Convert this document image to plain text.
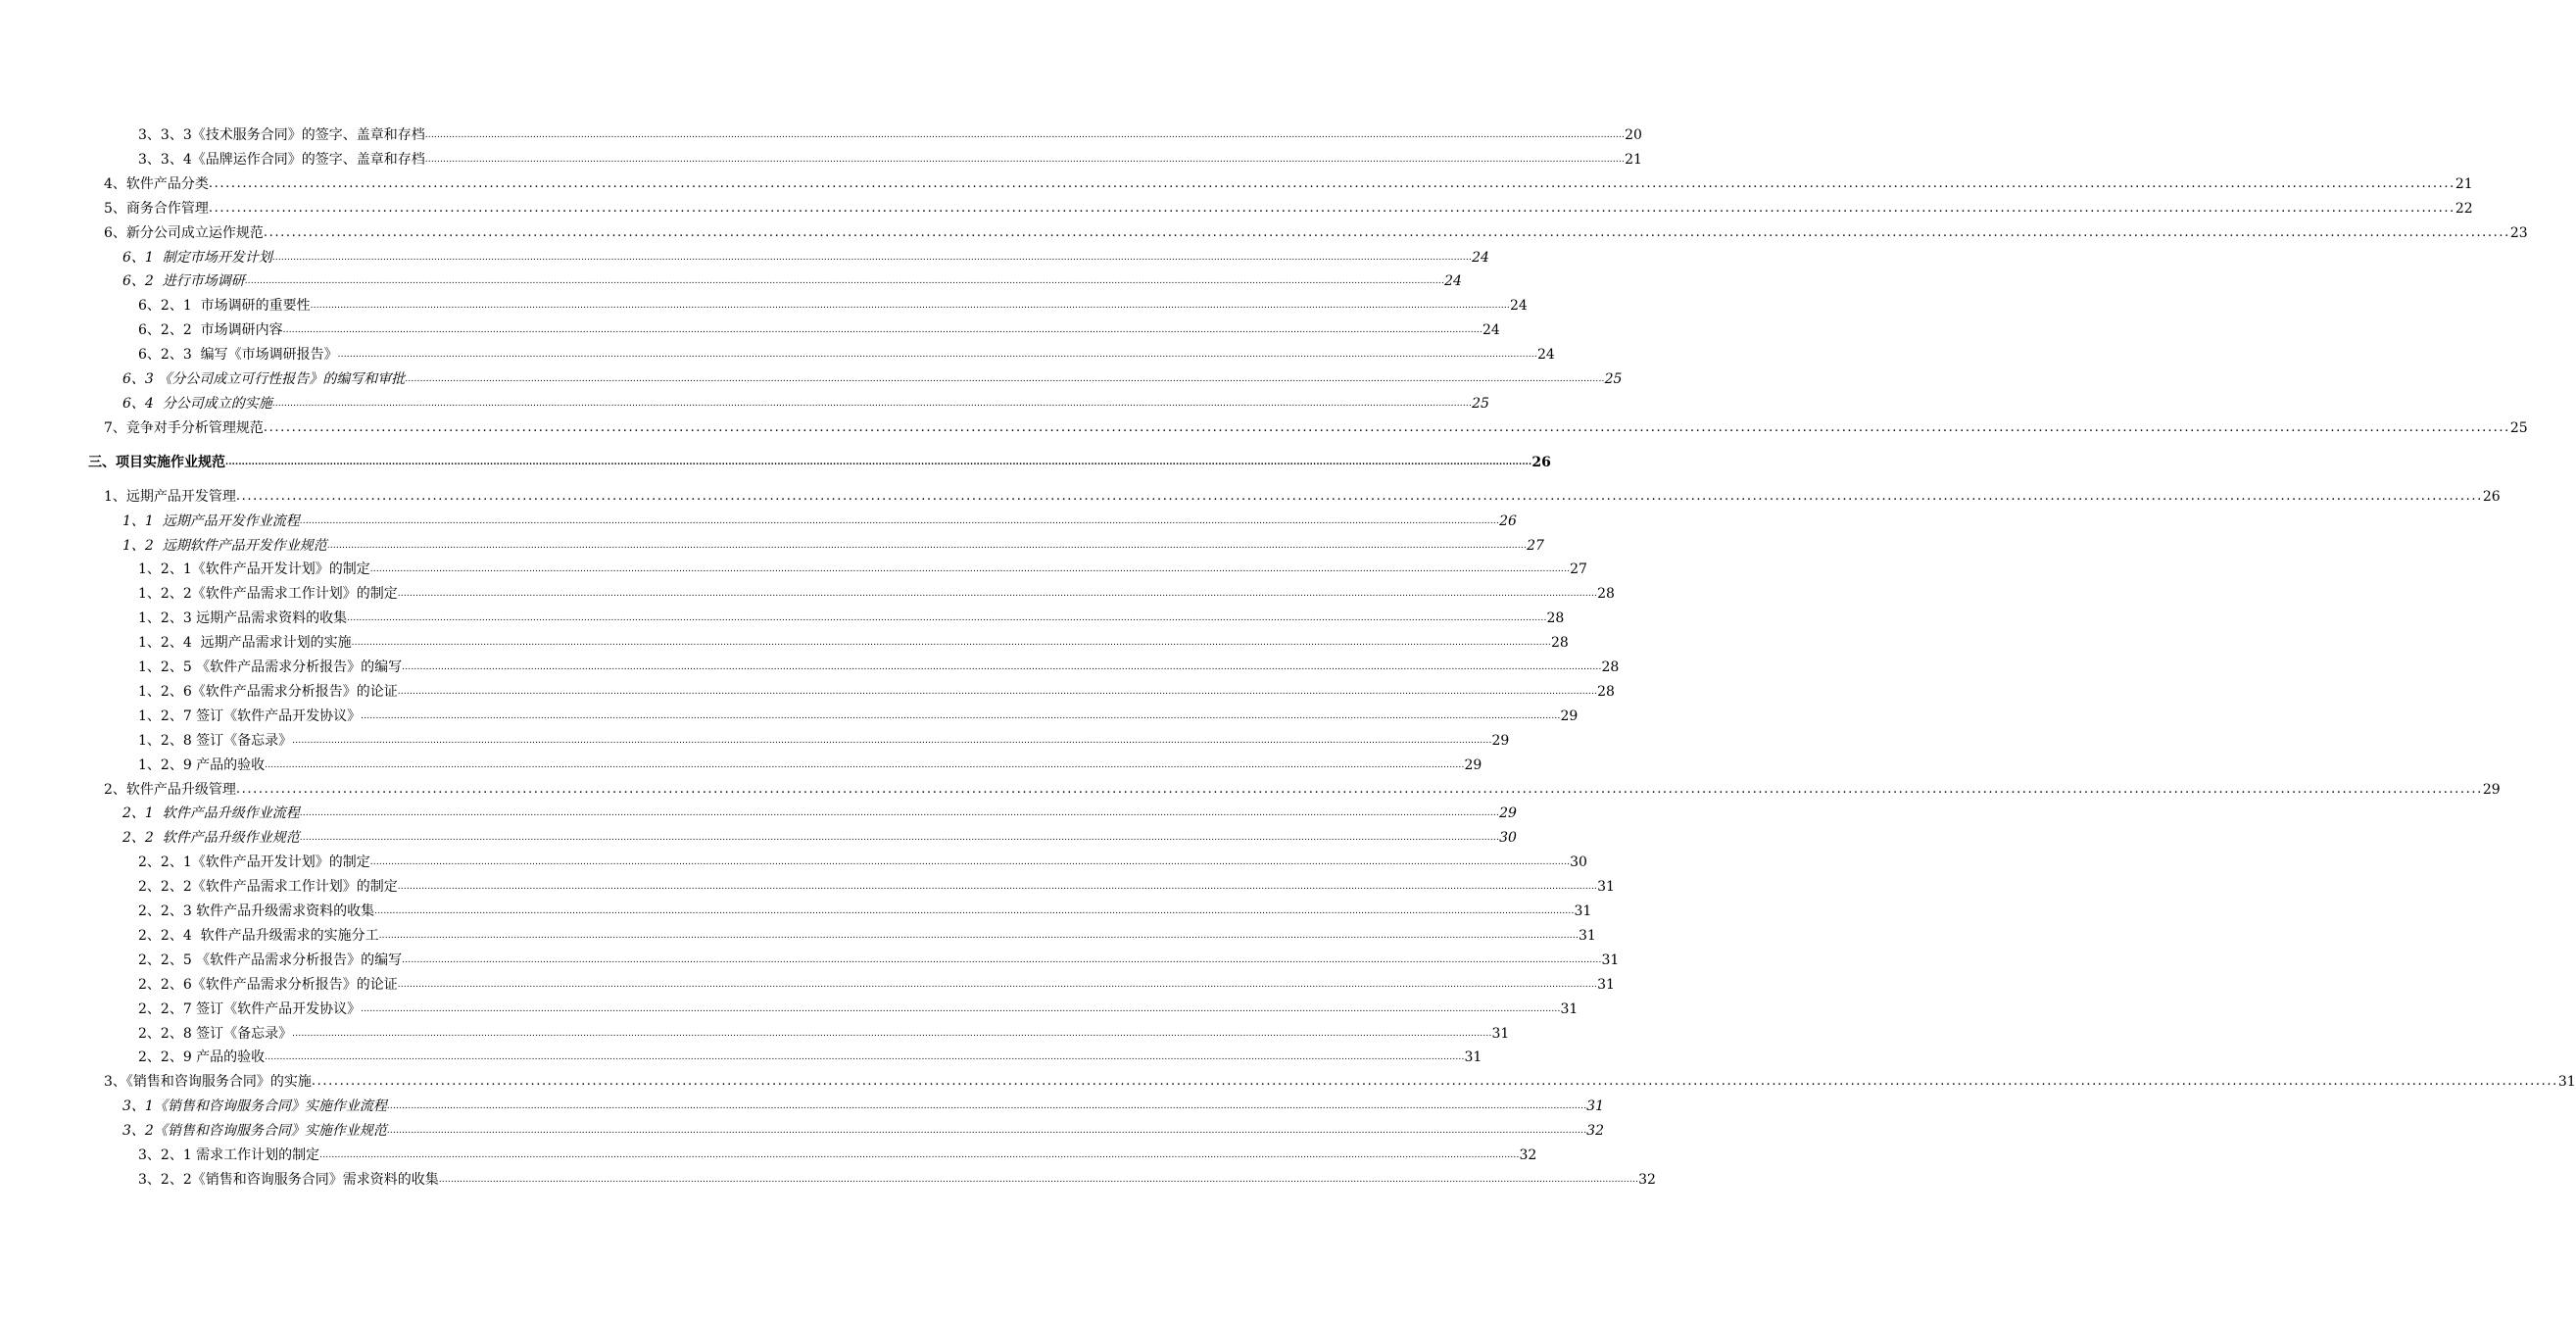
3、3、3《技术服务合同》的签字、盖章和存档 ................................................................................................................................................................................................................................................................................................................................................................................................................ 20
3、3、4《品牌运作合同》的签字、盖章和存档 ................................................................................................................................................................................................................................................................................................................................................................................................................ 21
4、软件产品分类 ................................................................................................................................................................................................................................................................................................................................................................................................................ 21
5、商务合作管理 ................................................................................................................................................................................................................................................................................................................................................................................................................ 22
6、新分公司成立运作规范 ................................................................................................................................................................................................................................................................................................................................................................................................................ 23
6、1  制定市场开发计划 ................................................................................................................................................................................................................................................................................................................................................................................................................ 24
6、2  进行市场调研 ................................................................................................................................................................................................................................................................................................................................................................................................................ 24
6、2、1  市场调研的重要性 ................................................................................................................................................................................................................................................................................................................................................................................................................ 24
6、2、2  市场调研内容 ................................................................................................................................................................................................................................................................................................................................................................................................................ 24
6、2、3  编写《市场调研报告》 ................................................................................................................................................................................................................................................................................................................................................................................................................ 24
6、3 《分公司成立可行性报告》的编写和审批 ................................................................................................................................................................................................................................................................................................................................................................................................................ 25
6、4  分公司成立的实施 ................................................................................................................................................................................................................................................................................................................................................................................................................ 25
7、竞争对手分析管理规范 ................................................................................................................................................................................................................................................................................................................................................................................................................ 25
三、项目实施作业规范 ................................................................................................................................................................................................................................................................................................................................................................................................................ 26
1、远期产品开发管理 ................................................................................................................................................................................................................................................................................................................................................................................................................ 26
1、1  远期产品开发作业流程 ................................................................................................................................................................................................................................................................................................................................................................................................................ 26
1、2  远期软件产品开发作业规范 ................................................................................................................................................................................................................................................................................................................................................................................................................ 27
1、2、1《软件产品开发计划》的制定 ................................................................................................................................................................................................................................................................................................................................................................................................................ 27
1、2、2《软件产品需求工作计划》的制定 ................................................................................................................................................................................................................................................................................................................................................................................................................ 28
1、2、3 远期产品需求资料的收集 ................................................................................................................................................................................................................................................................................................................................................................................................................ 28
1、2、4  远期产品需求计划的实施 ................................................................................................................................................................................................................................................................................................................................................................................................................ 28
1、2、5 《软件产品需求分析报告》的编写 ................................................................................................................................................................................................................................................................................................................................................................................................................ 28
1、2、6《软件产品需求分析报告》的论证 ................................................................................................................................................................................................................................................................................................................................................................................................................ 28
1、2、7 签订《软件产品开发协议》 ................................................................................................................................................................................................................................................................................................................................................................................................................ 29
1、2、8 签订《备忘录》 ................................................................................................................................................................................................................................................................................................................................................................................................................ 29
1、2、9 产品的验收 ................................................................................................................................................................................................................................................................................................................................................................................................................ 29
2、软件产品升级管理 ................................................................................................................................................................................................................................................................................................................................................................................................................ 29
2、1  软件产品升级作业流程 ................................................................................................................................................................................................................................................................................................................................................................................................................ 29
2、2  软件产品升级作业规范 ................................................................................................................................................................................................................................................................................................................................................................................................................ 30
2、2、1《软件产品开发计划》的制定 ................................................................................................................................................................................................................................................................................................................................................................................................................ 30
2、2、2《软件产品需求工作计划》的制定 ................................................................................................................................................................................................................................................................................................................................................................................................................ 31
2、2、3 软件产品升级需求资料的收集 ................................................................................................................................................................................................................................................................................................................................................................................................................ 31
2、2、4  软件产品升级需求的实施分工 ................................................................................................................................................................................................................................................................................................................................................................................................................ 31
2、2、5 《软件产品需求分析报告》的编写 ................................................................................................................................................................................................................................................................................................................................................................................................................ 31
2、2、6《软件产品需求分析报告》的论证 ................................................................................................................................................................................................................................................................................................................................................................................................................ 31
2、2、7 签订《软件产品开发协议》 ................................................................................................................................................................................................................................................................................................................................................................................................................ 31
2、2、8 签订《备忘录》 ................................................................................................................................................................................................................................................................................................................................................................................................................ 31
2、2、9 产品的验收 ................................................................................................................................................................................................................................................................................................................................................................................................................ 31
3、《销售和咨询服务合同》的实施 ................................................................................................................................................................................................................................................................................................................................................................................................................ 31
3、1《销售和咨询服务合同》实施作业流程 ................................................................................................................................................................................................................................................................................................................................................................................................................ 31
3、2《销售和咨询服务合同》实施作业规范 ................................................................................................................................................................................................................................................................................................................................................................................................................ 32
3、2、1 需求工作计划的制定 ................................................................................................................................................................................................................................................................................................................................................................................................................ 32
3、2、2《销售和咨询服务合同》需求资料的收集 ................................................................................................................................................................................................................................................................................................................................................................................................................ 32
